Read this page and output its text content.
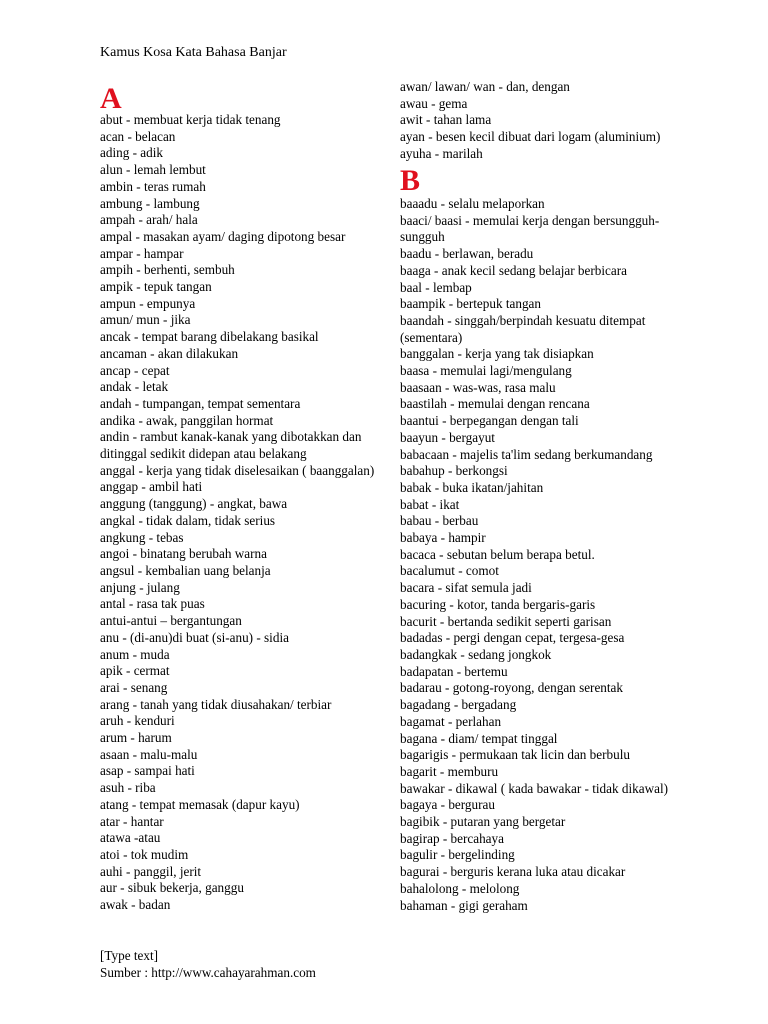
Kamus Kosa Kata Bahasa Banjar
A
abut - membuat kerja tidak tenang
acan - belacan
ading - adik
alun - lemah lembut
ambin - teras rumah
ambung - lambung
ampah - arah/ hala
ampal - masakan ayam/ daging dipotong besar
ampar - hampar
ampih - berhenti, sembuh
ampik - tepuk tangan
ampun - empunya
amun/ mun - jika
ancak - tempat barang dibelakang basikal
ancaman - akan dilakukan
ancap - cepat
andak - letak
andah - tumpangan, tempat sementara
andika - awak, panggilan hormat
andin - rambut kanak-kanak yang dibotakkan dan ditinggal sedikit didepan atau belakang
anggal - kerja yang tidak diselesaikan ( baanggalan)
anggap - ambil hati
anggung (tanggung) - angkat, bawa
angkal - tidak dalam, tidak serius
angkung - tebas
angoi - binatang berubah warna
angsul - kembalian uang belanja
anjung - julang
antal - rasa tak puas
antui-antui – bergantungan
anu - (di-anu)di buat (si-anu) - sidia
anum - muda
apik - cermat
arai - senang
arang - tanah yang tidak diusahakan/ terbiar
aruh - kenduri
arum - harum
asaan - malu-malu
asap - sampai hati
asuh - riba
atang - tempat memasak (dapur kayu)
atar - hantar
atawa -atau
atoi - tok mudim
auhi - panggil, jerit
aur - sibuk bekerja, ganggu
awak - badan
awan/ lawan/ wan - dan, dengan
awau - gema
awit - tahan lama
ayan - besen kecil dibuat dari logam (aluminium)
ayuha - marilah
B
baaadu - selalu melaporkan
baaci/ baasi - memulai kerja dengan bersungguh-sungguh
baadu - berlawan, beradu
baaga - anak kecil sedang belajar berbicara
baal - lembap
baampik - bertepuk tangan
baandah - singgah/berpindah kesuatu ditempat (sementara)
banggalan - kerja yang tak disiapkan
baasa - memulai lagi/mengulang
baasaan - was-was, rasa malu
baastilah - memulai dengan rencana
baantui - berpegangan dengan tali
baayun - bergayut
babacaan - majelis ta'lim sedang berkumandang
babahup - berkongsi
babak - buka ikatan/jahitan
babat - ikat
babau - berbau
babaya - hampir
bacaca - sebutan belum berapa betul.
bacalumut - comot
bacara - sifat semula jadi
bacuring - kotor, tanda bergaris-garis
bacurit - bertanda sedikit seperti garisan
badadas - pergi dengan cepat, tergesa-gesa
badangkak - sedang jongkok
badapatan - bertemu
badarau - gotong-royong, dengan serentak
bagadang - bergadang
bagamat - perlahan
bagana - diam/ tempat tinggal
bagarigis - permukaan tak licin dan berbulu
bagarit - memburu
bawakar - dikawal ( kada bawakar - tidak dikawal)
bagaya - bergurau
bagibik - putaran yang bergetar
bagirap - bercahaya
bagulir - bergelinding
bagurai - berguris kerana luka atau dicakar
bahalolong - melolong
bahaman - gigi geraham
[Type text]
Sumber : http://www.cahayarahman.com
